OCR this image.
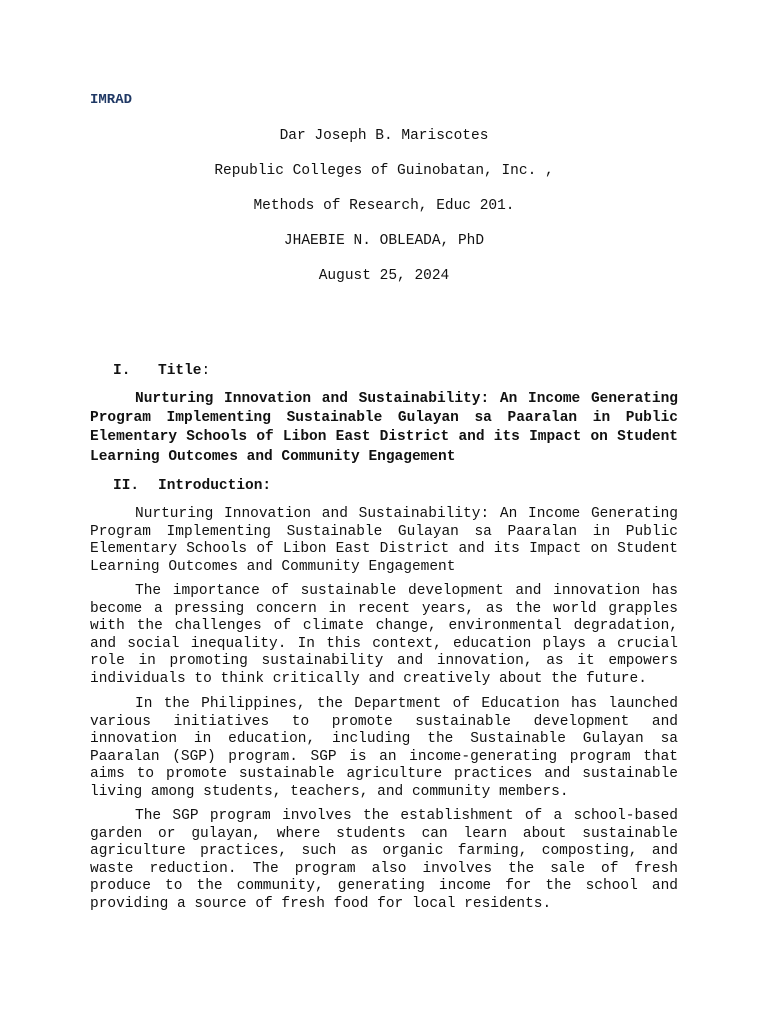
IMRAD
Dar Joseph B. Mariscotes
Republic Colleges of Guinobatan, Inc. ,
Methods of Research, Educ 201.
JHAEBIE N. OBLEADA, PhD
August 25, 2024
I. Title:

Nurturing Innovation and Sustainability: An Income Generating Program Implementing Sustainable Gulayan sa Paaralan in Public Elementary Schools of Libon East District and its Impact on Student Learning Outcomes and Community Engagement

II. Introduction:

Nurturing Innovation and Sustainability: An Income Generating Program Implementing Sustainable Gulayan sa Paaralan in Public Elementary Schools of Libon East District and its Impact on Student Learning Outcomes and Community Engagement

The importance of sustainable development and innovation has become a pressing concern in recent years, as the world grapples with the challenges of climate change, environmental degradation, and social inequality. In this context, education plays a crucial role in promoting sustainability and innovation, as it empowers individuals to think critically and creatively about the future.

In the Philippines, the Department of Education has launched various initiatives to promote sustainable development and innovation in education, including the Sustainable Gulayan sa Paaralan (SGP) program. SGP is an income-generating program that aims to promote sustainable agriculture practices and sustainable living among students, teachers, and community members.

The SGP program involves the establishment of a school-based garden or gulayan, where students can learn about sustainable agriculture practices, such as organic farming, composting, and waste reduction. The program also involves the sale of fresh produce to the community, generating income for the school and providing a source of fresh food for local residents.
